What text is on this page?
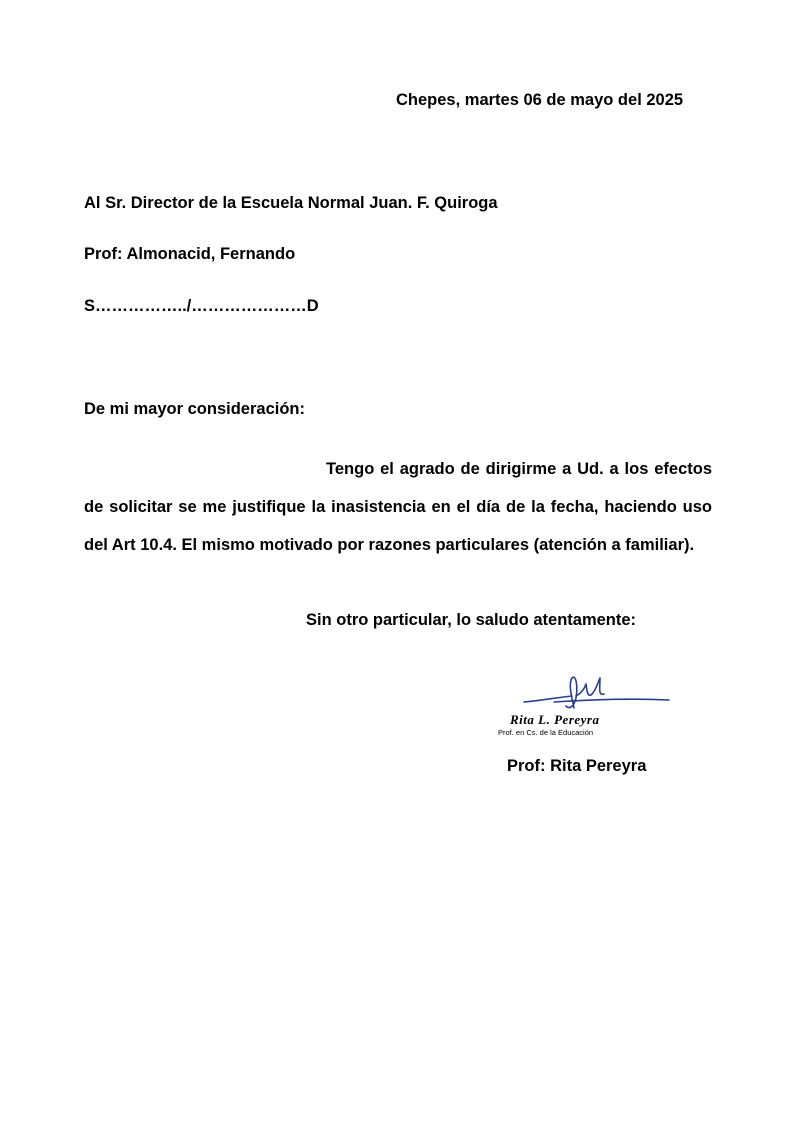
Chepes, martes 06 de mayo del 2025
Al Sr. Director de la Escuela Normal Juan. F. Quiroga
Prof: Almonacid, Fernando
S……………../…………………D
De mi mayor consideración:
Tengo el agrado de dirigirme a Ud. a los efectos de solicitar se me justifique la inasistencia en el día de la fecha, haciendo uso del Art 10.4. El mismo motivado por razones particulares (atención a familiar).
Sin otro particular, lo saludo atentamente:
Rita L. Pereyra
Prof. en Cs. de la Educación
Prof: Rita Pereyra
